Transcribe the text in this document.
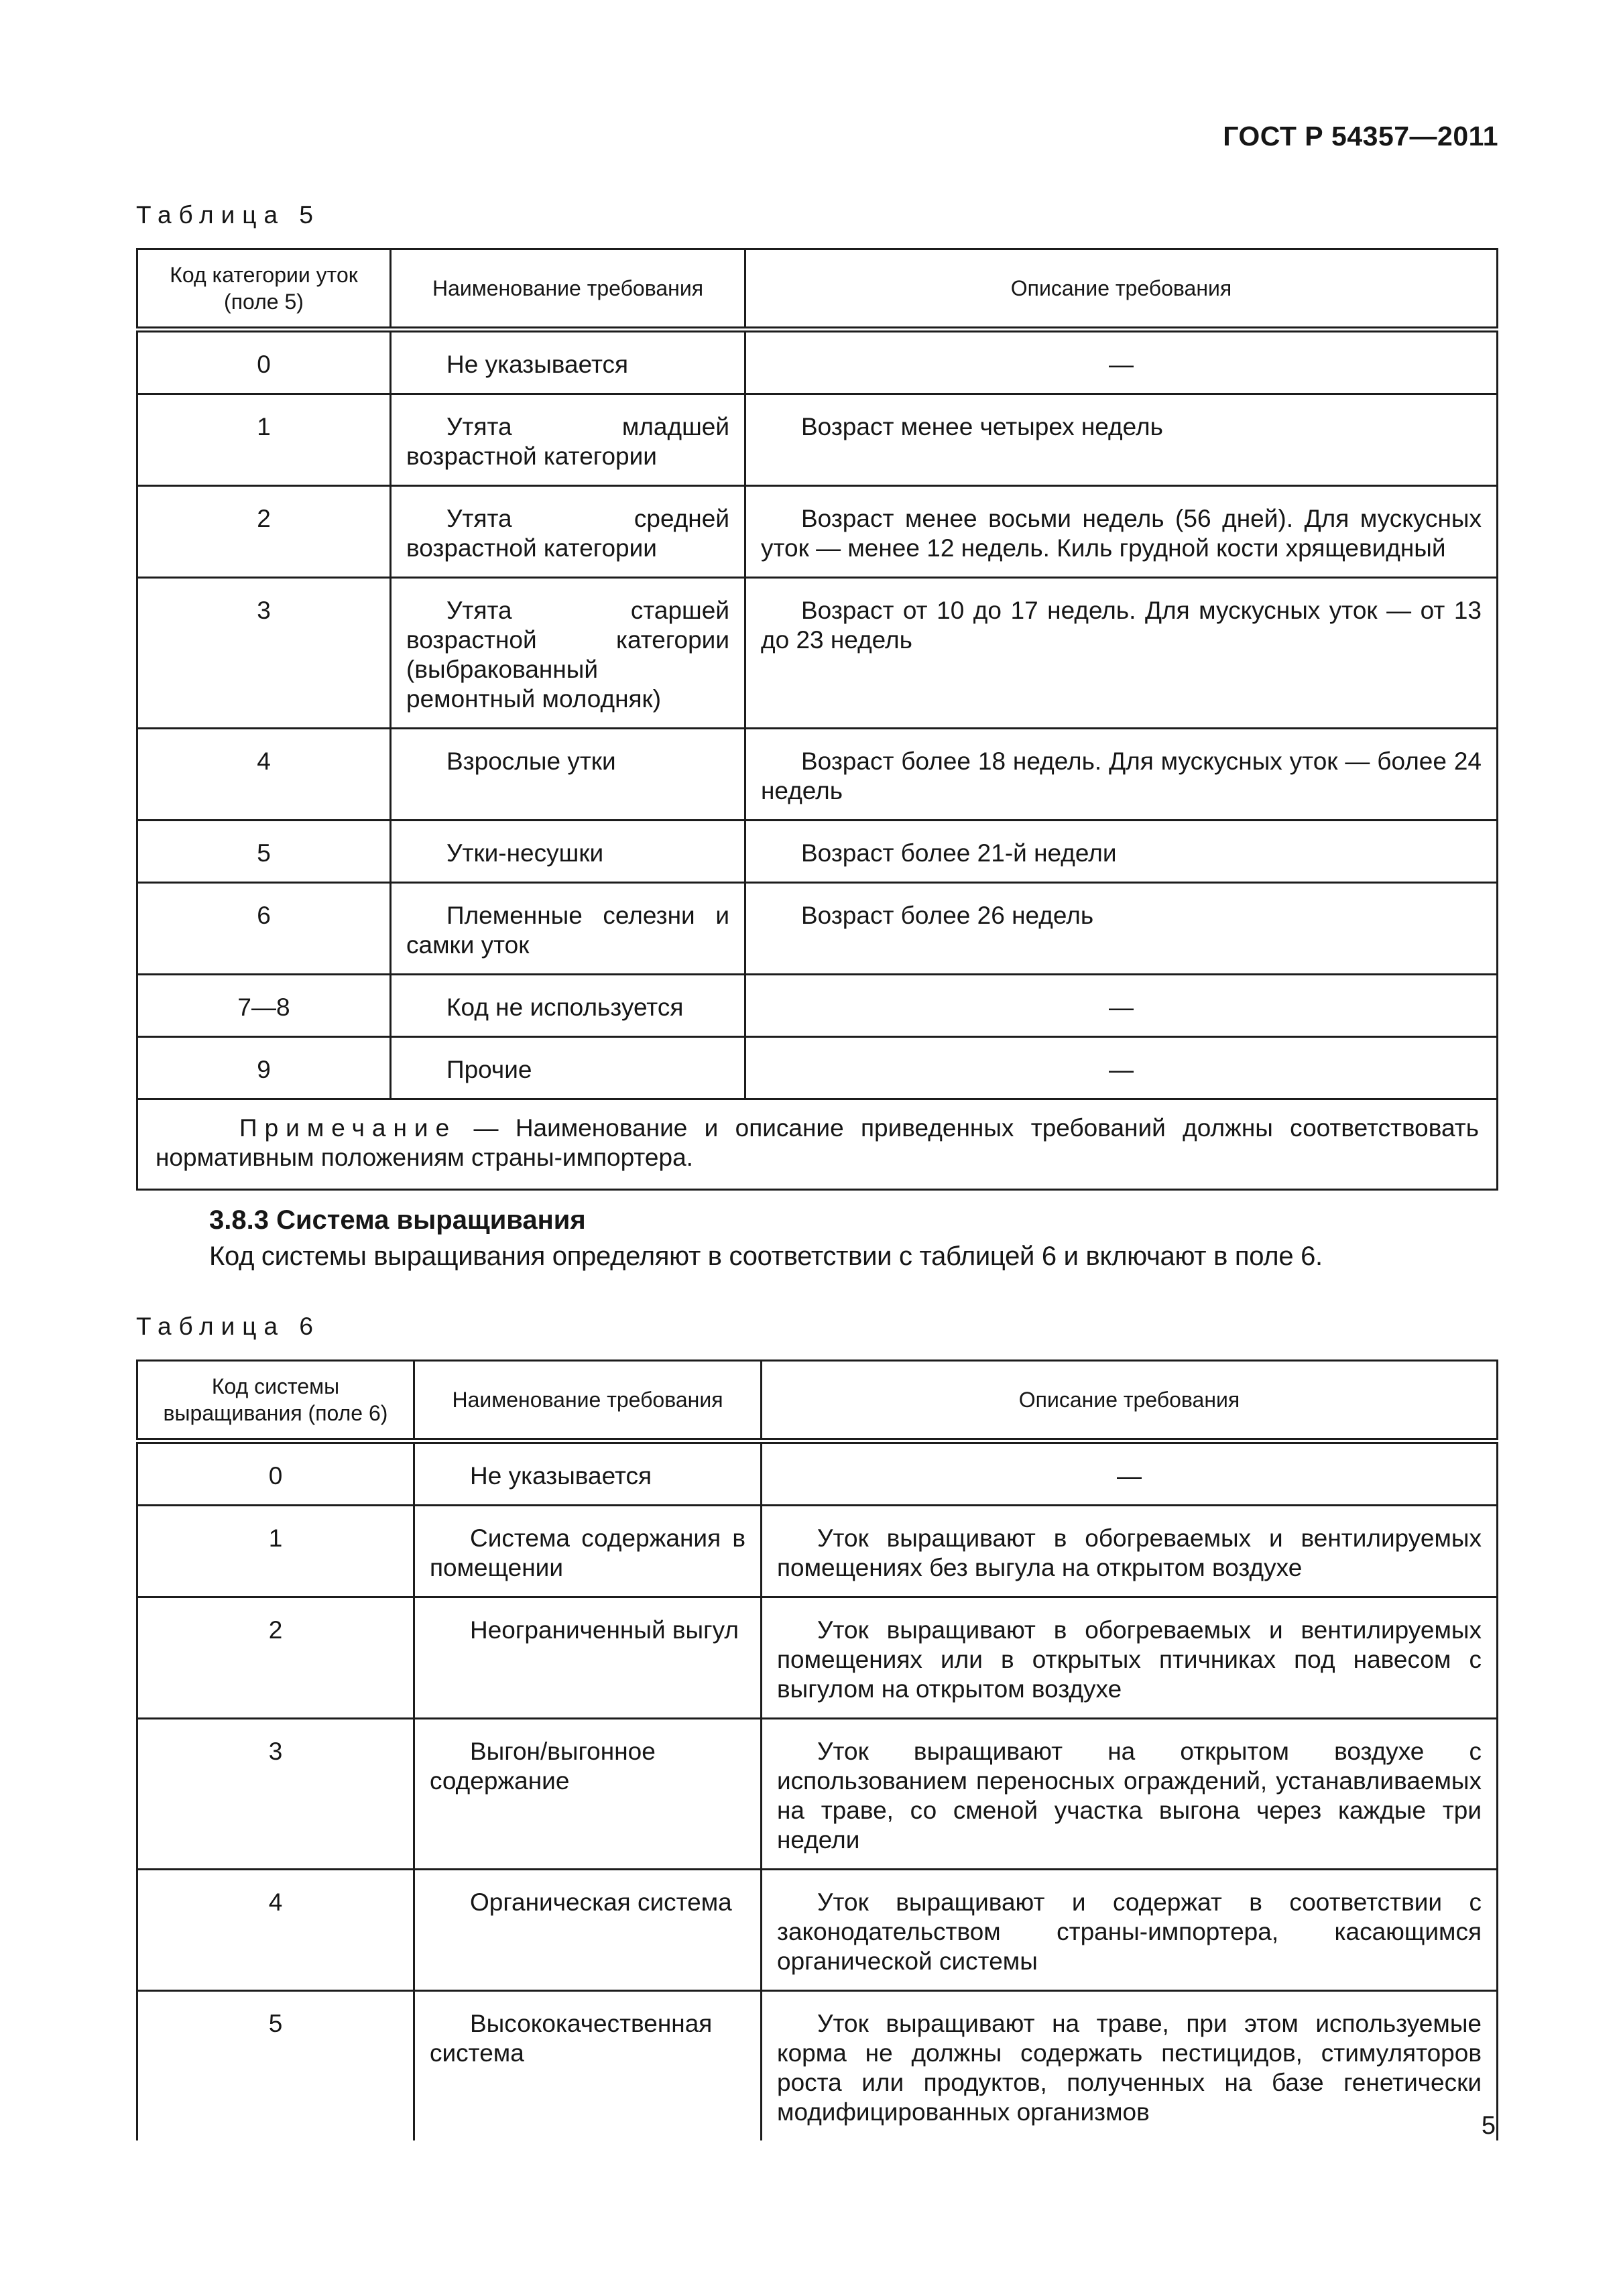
ГОСТ Р 54357—2011
Таблица 5
Код категории уток (поле 5)	Наименование требования	Описание требования
0	Не указывается	—
1	Утята младшей возрастной категории	Возраст менее четырех недель
2	Утята средней возрастной категории	Возраст менее восьми недель (56 дней). Для мускусных уток — менее 12 недель. Киль грудной кости хрящевидный
3	Утята старшей возрастной категории (выбракованный ремонтный молодняк)	Возраст от 10 до 17 недель. Для мускусных уток — от 13 до 23 недель
4	Взрослые утки	Возраст более 18 недель. Для мускусных уток — более 24 недель
5	Утки-несушки	Возраст более 21-й недели
6	Племенные селезни и самки уток	Возраст более 26 недель
7—8	Код не используется	—
9	Прочие	—
Примечание — Наименование и описание приведенных требований должны соответствовать нормативным положениям страны-импортера.		
3.8.3 Система выращивания
Код системы выращивания определяют в соответствии с таблицей 6 и включают в поле 6.
Таблица 6
Код системы выращивания (поле 6)	Наименование требования	Описание требования
0	Не указывается	—
1	Система содержания в помещении	Уток выращивают в обогреваемых и вентилируемых помещениях без выгула на открытом воздухе
2	Неограниченный выгул	Уток выращивают в обогреваемых и вентилируемых помещениях или в открытых птичниках под навесом с выгулом на открытом воздухе
3	Выгон/выгонное содержание	Уток выращивают на открытом воздухе с использованием переносных ограждений, устанавливаемых на траве, со сменой участка выгона через каждые три недели
4	Органическая система	Уток выращивают и содержат в соответствии с законодательством страны-импортера, касающимся органической системы
5	Высококачественная система	Уток выращивают на траве, при этом используемые корма не должны содержать пестицидов, стимуляторов роста или продуктов, полученных на базе генетически модифицированных организмов	5
